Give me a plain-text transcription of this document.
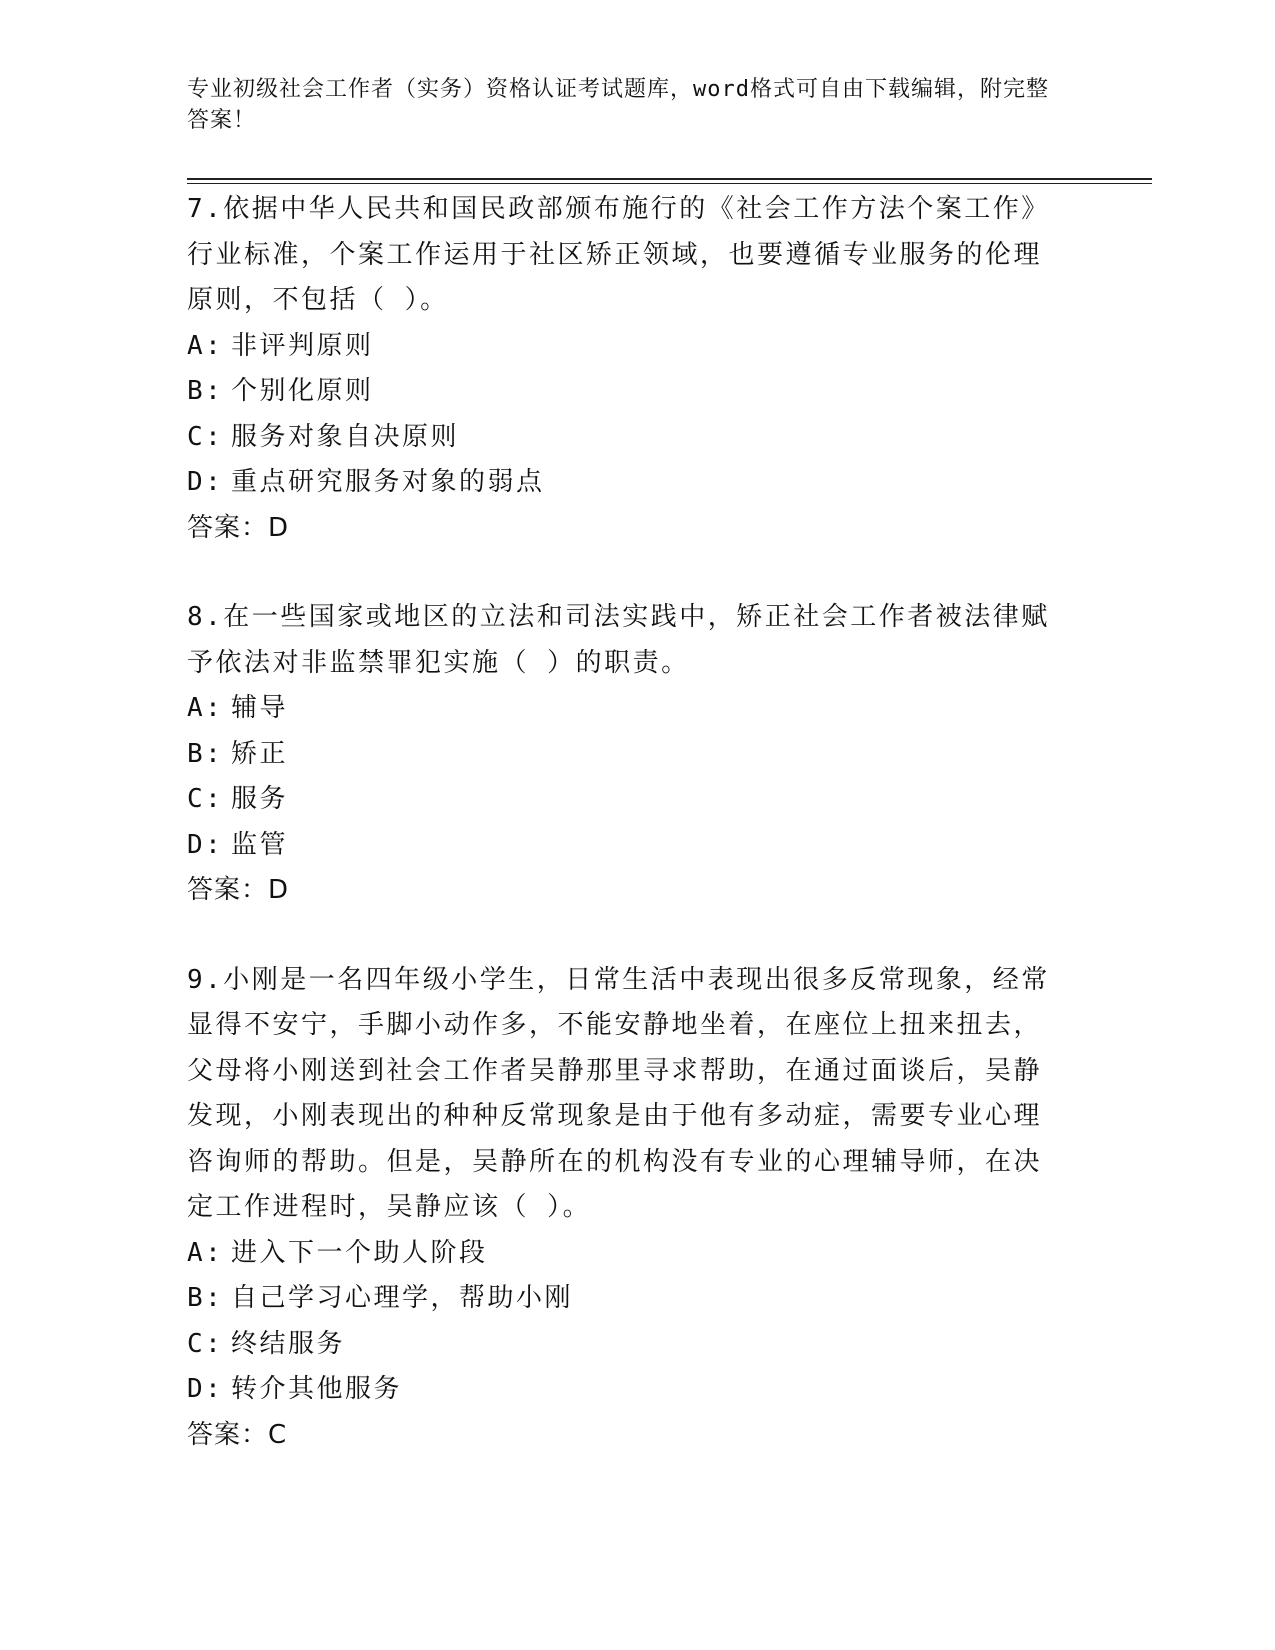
专业初级社会工作者（实务）资格认证考试题库，word格式可自由下载编辑，附完整答案！

7.依据中华人民共和国民政部颁布施行的《社会工作方法个案工作》行业标准，个案工作运用于社区矫正领域，也要遵循专业服务的伦理原则，不包括（ ）。

A: 非评判原则
B: 个别化原则
C: 服务对象自决原则
D: 重点研究服务对象的弱点

答案：D

8.在一些国家或地区的立法和司法实践中，矫正社会工作者被法律赋予依法对非监禁罪犯实施（ ）的职责。

A: 辅导
B: 矫正
C: 服务
D: 监管

答案：D

9.小刚是一名四年级小学生，日常生活中表现出很多反常现象，经常显得不安宁，手脚小动作多，不能安静地坐着，在座位上扭来扭去，父母将小刚送到社会工作者吴静那里寻求帮助，在通过面谈后，吴静发现，小刚表现出的种种反常现象是由于他有多动症，需要专业心理咨询师的帮助。但是，吴静所在的机构没有专业的心理辅导师，在决定工作进程时，吴静应该（ ）。

A: 进入下一个助人阶段
B: 自己学习心理学，帮助小刚
C: 终结服务
D: 转介其他服务

答案：C
